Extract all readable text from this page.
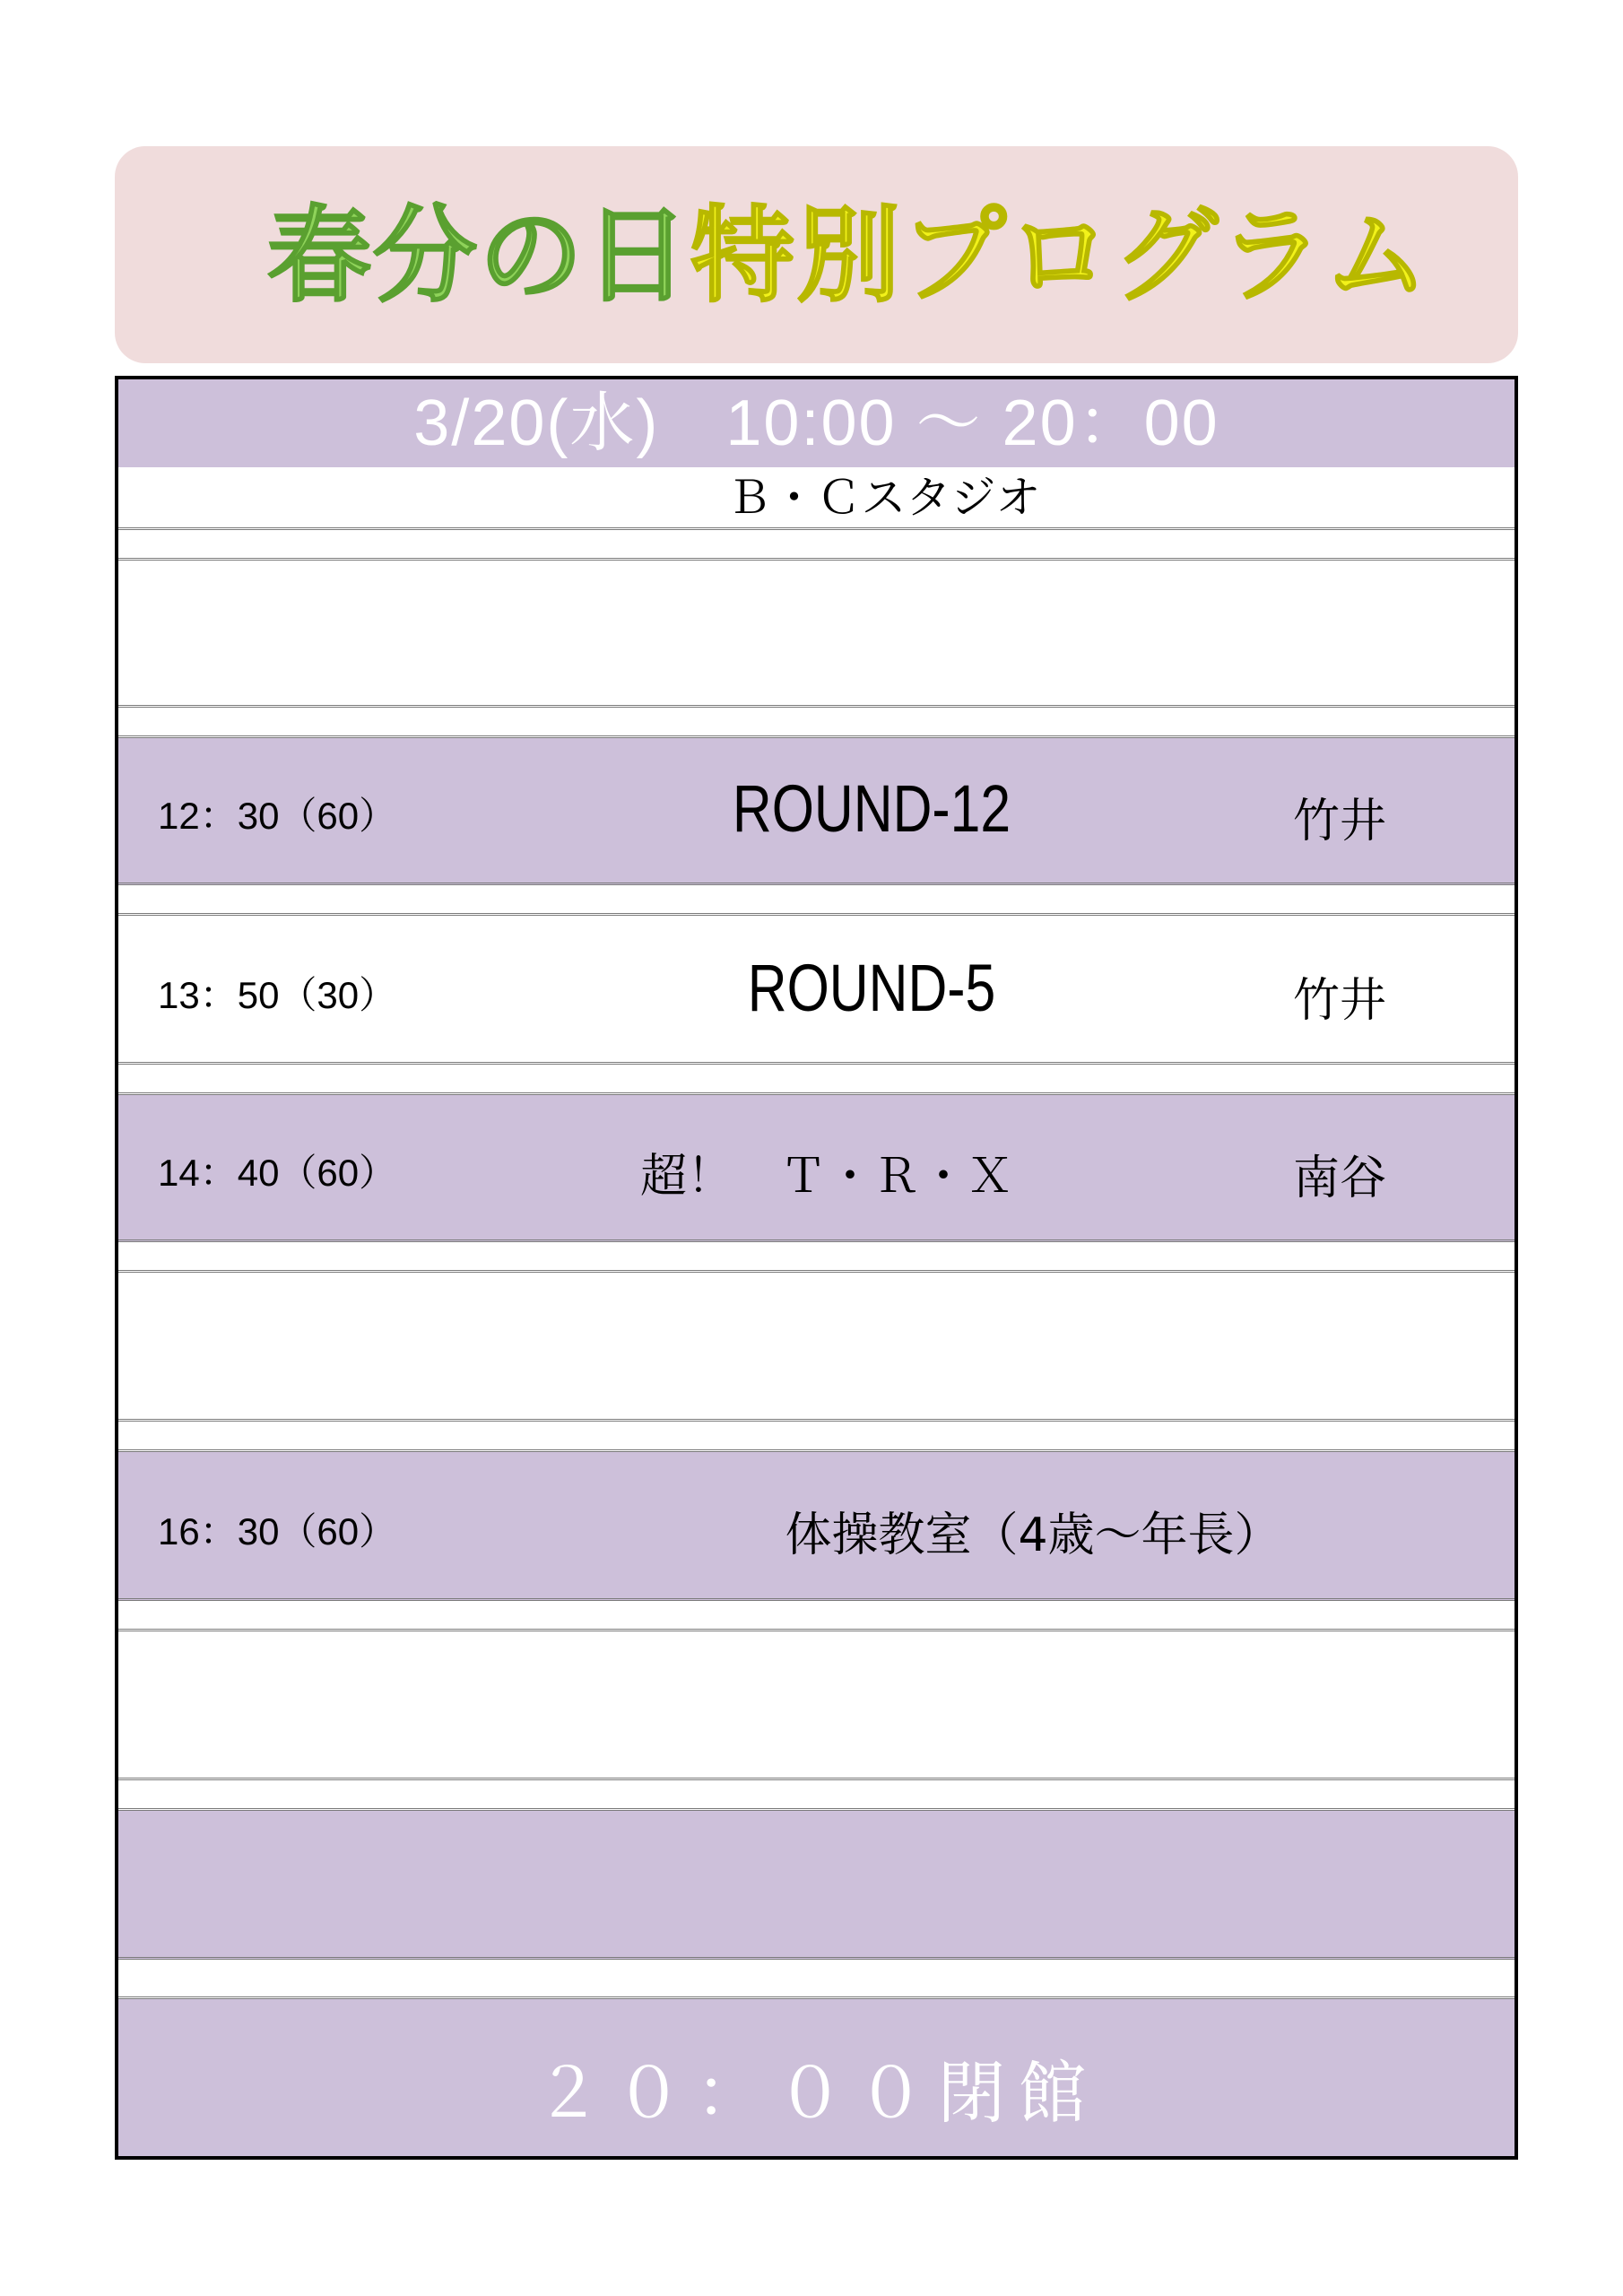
春分の日特別プログラム
3/20(水)　10:00 ～ 20：00
Ｂ・Ｃスタジオ
12：30（60）	ROUND-12	竹井
13：50（30）	ROUND-5	竹井
14：40（60）	超！　Ｔ・Ｒ・Ｘ	南谷
16：30（60）	体操教室（4歳～年長）
２０：００閉館
